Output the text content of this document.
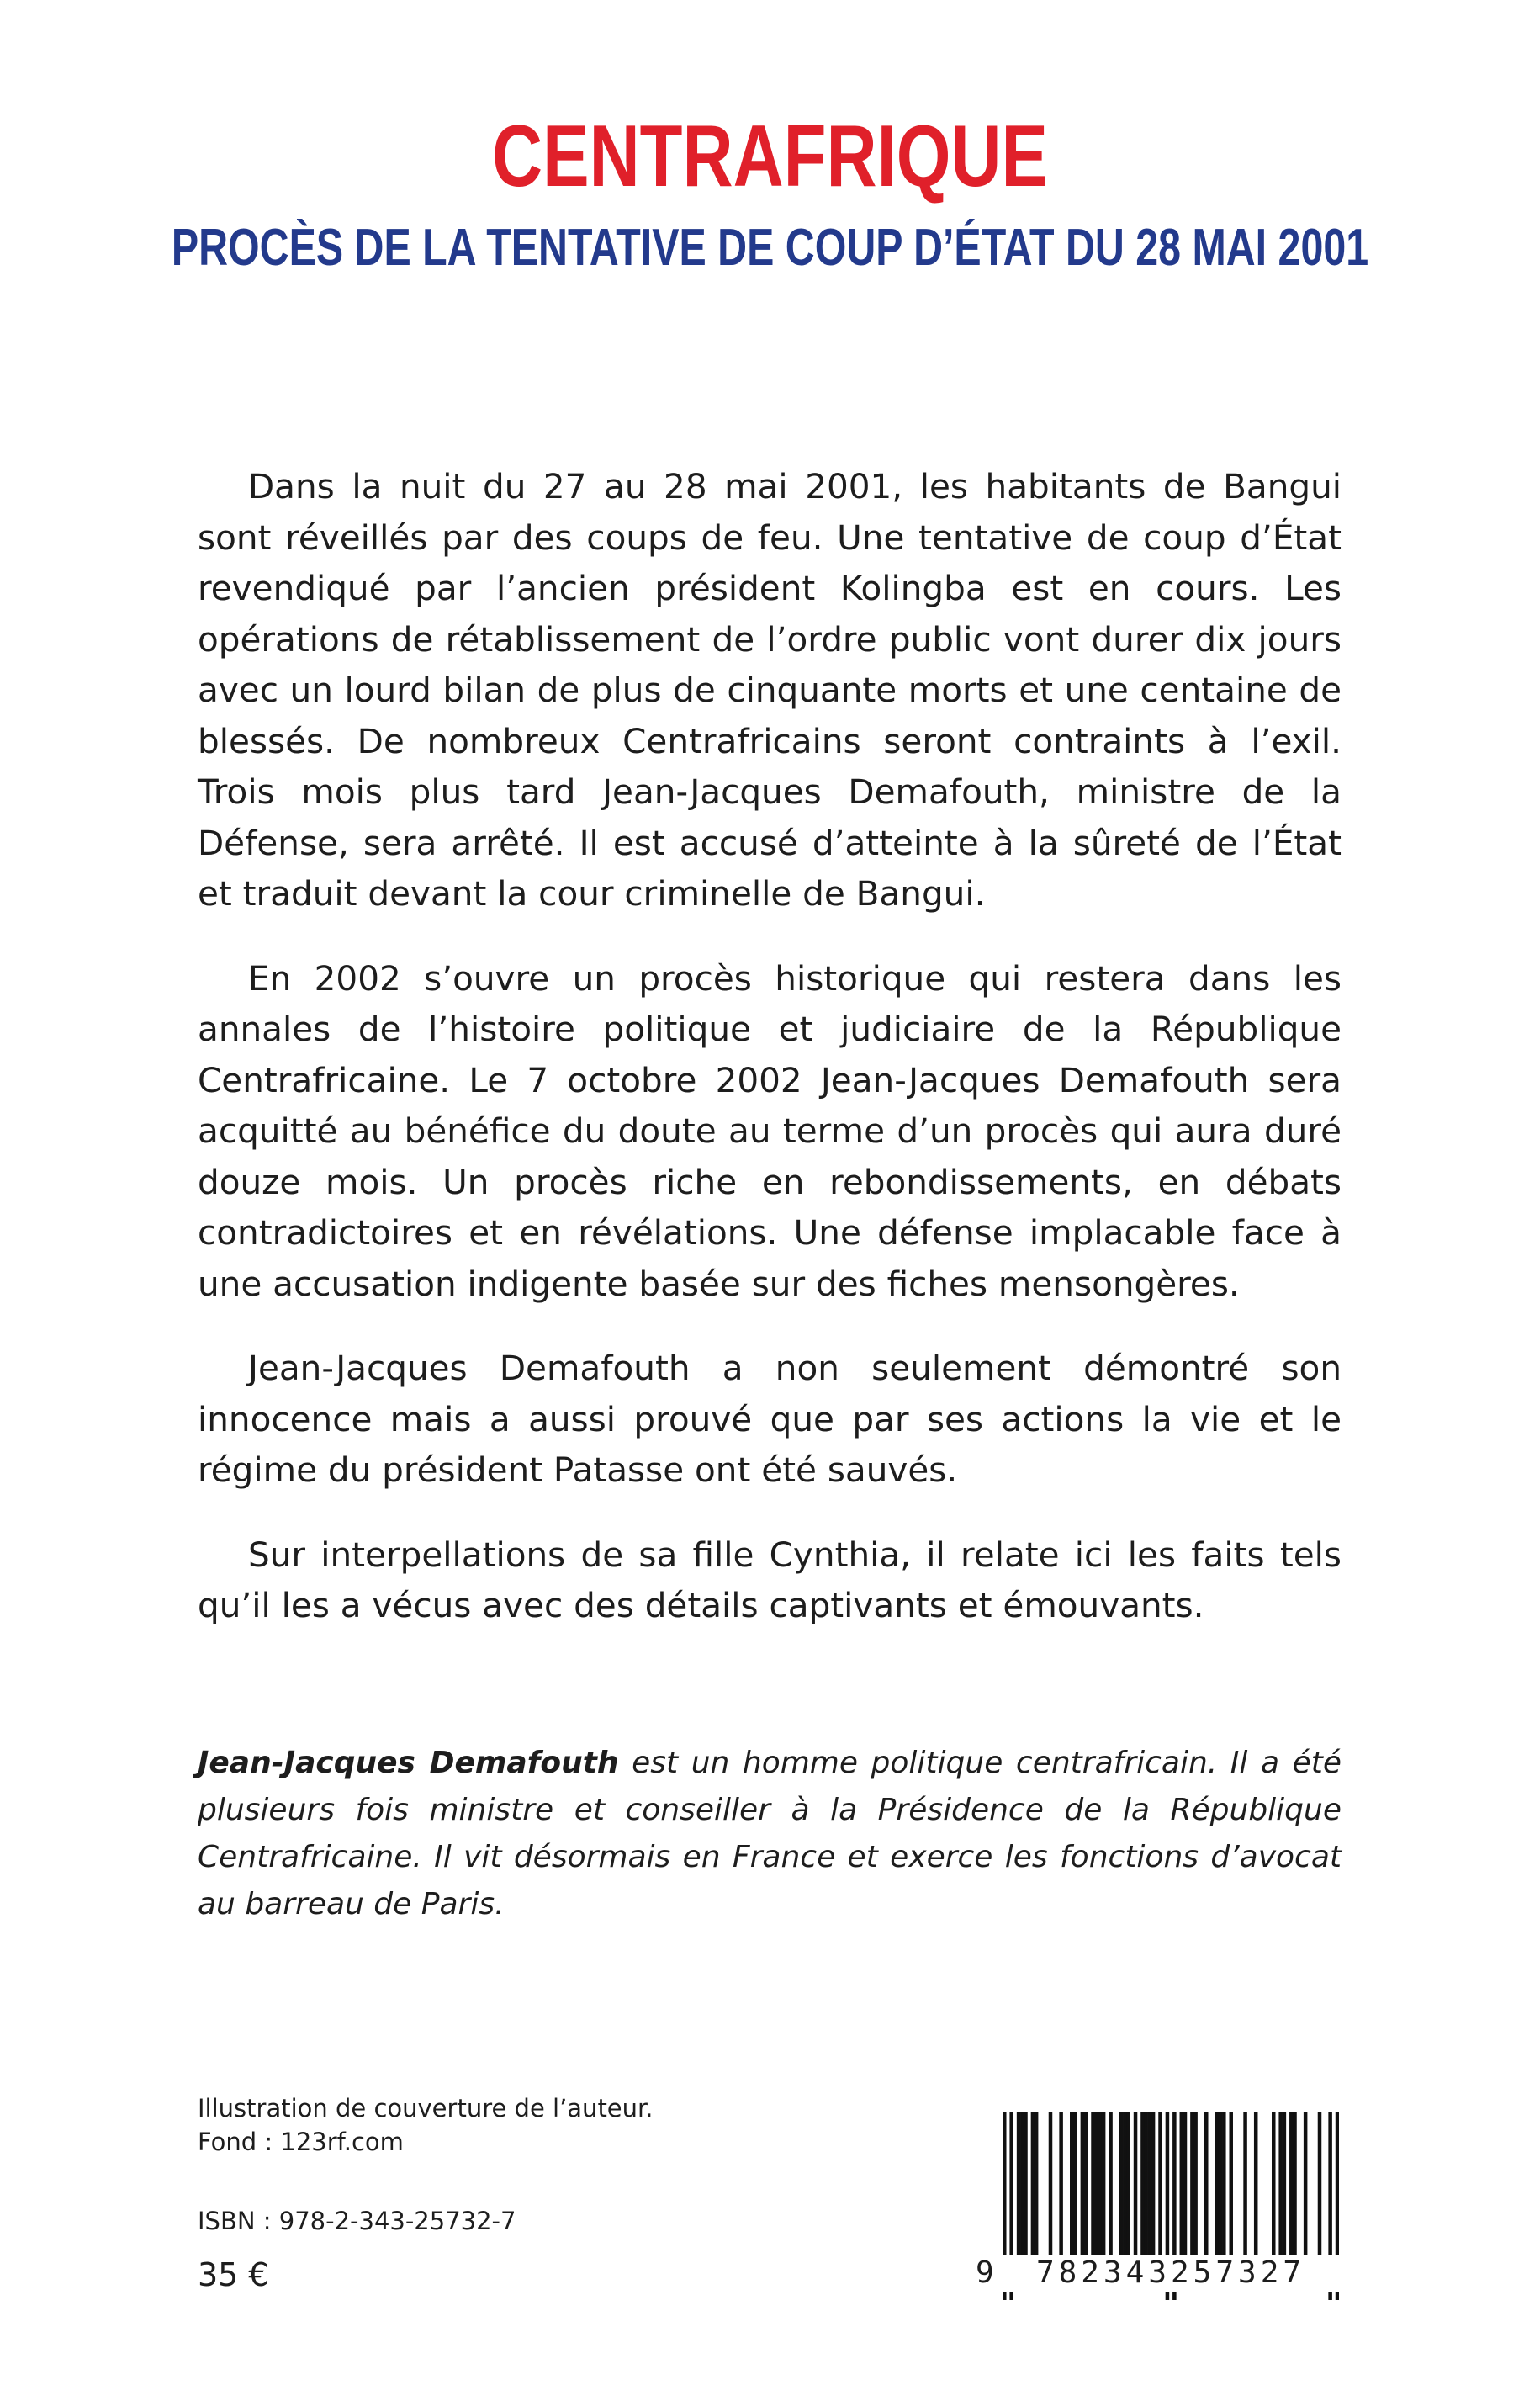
CENTRAFRIQUE
PROCÈS DE LA TENTATIVE DE COUP D’ÉTAT DU 28 MAI 2001

Dans la nuit du 27 au 28 mai 2001, les habitants de Bangui sont réveillés par des coups de feu. Une tentative de coup d’État revendiqué par l’ancien président Kolingba est en cours. Les opérations de rétablissement de l’ordre public vont durer dix jours avec un lourd bilan de plus de cinquante morts et une centaine de blessés. De nombreux Centrafricains seront contraints à l’exil. Trois mois plus tard Jean-Jacques Demafouth, ministre de la Défense, sera arrêté. Il est accusé d’atteinte à la sûreté de l’État et traduit devant la cour criminelle de Bangui.

En 2002 s’ouvre un procès historique qui restera dans les annales de l’histoire politique et judiciaire de la République Centrafricaine. Le 7 octobre 2002 Jean-Jacques Demafouth sera acquitté au bénéfice du doute au terme d’un procès qui aura duré douze mois. Un procès riche en rebondissements, en débats contradictoires et en révélations. Une défense implacable face à une accusation indigente basée sur des fiches mensongères.

Jean-Jacques Demafouth a non seulement démontré son innocence mais a aussi prouvé que par ses actions la vie et le régime du président Patasse ont été sauvés.

Sur interpellations de sa fille Cynthia, il relate ici les faits tels qu’il les a vécus avec des détails captivants et émouvants.

Jean-Jacques Demafouth est un homme politique centrafricain. Il a été plusieurs fois ministre et conseiller à la Présidence de la République Centrafricaine. Il vit désormais en France et exerce les fonctions d’avocat au barreau de Paris.

Illustration de couverture de l’auteur.
Fond : 123rf.com
ISBN : 978-2-343-25732-7
35 €	9	782343257327
